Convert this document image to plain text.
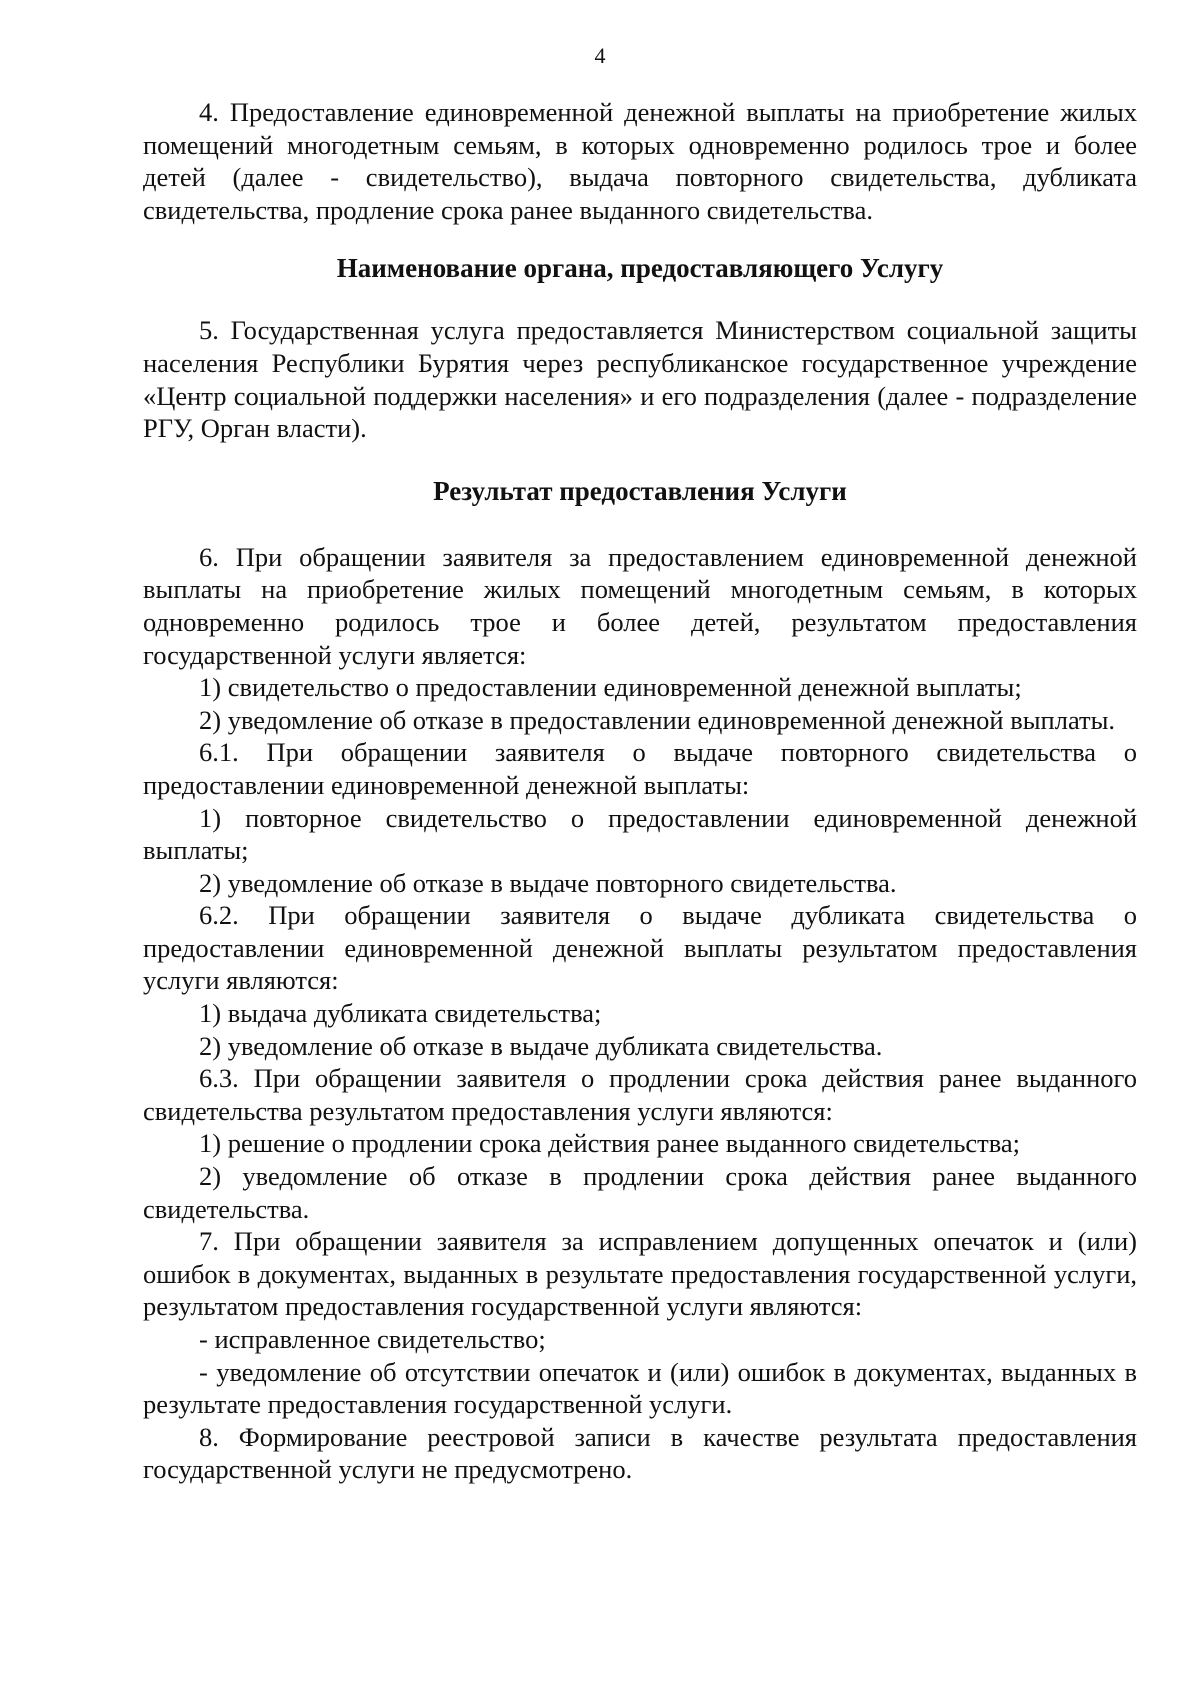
4

4. Предоставление единовременной денежной выплаты на приобретение жилых помещений многодетным семьям, в которых одновременно родилось трое и более детей (далее - свидетельство), выдача повторного свидетельства, дубликата свидетельства, продление срока ранее выданного свидетельства.

Наименование органа, предоставляющего Услугу

5. Государственная услуга предоставляется Министерством социальной защиты населения Республики Бурятия через республиканское государственное учреждение «Центр социальной поддержки населения» и его подразделения (далее - подразделение РГУ, Орган власти).

Результат предоставления Услуги

6. При обращении заявителя за предоставлением единовременной денежной выплаты на приобретение жилых помещений многодетным семьям, в которых одновременно родилось трое и более детей, результатом предоставления государственной услуги является:

1) свидетельство о предоставлении единовременной денежной выплаты;

2) уведомление об отказе в предоставлении единовременной денежной выплаты.

6.1. При обращении заявителя о выдаче повторного свидетельства о предоставлении единовременной денежной выплаты:

1) повторное свидетельство о предоставлении единовременной денежной выплаты;

2) уведомление об отказе в выдаче повторного свидетельства.

6.2. При обращении заявителя о выдаче дубликата свидетельства о предоставлении единовременной денежной выплаты результатом предоставления услуги являются:

1) выдача дубликата свидетельства;

2) уведомление об отказе в выдаче дубликата свидетельства.

6.3. При обращении заявителя о продлении срока действия ранее выданного свидетельства результатом предоставления услуги являются:

1) решение о продлении срока действия ранее выданного свидетельства;

2) уведомление об отказе в продлении срока действия ранее выданного свидетельства.

7. При обращении заявителя за исправлением допущенных опечаток и (или) ошибок в документах, выданных в результате предоставления государственной услуги, результатом предоставления государственной услуги являются:

- исправленное свидетельство;

- уведомление об отсутствии опечаток и (или) ошибок в документах, выданных в результате предоставления государственной услуги.

8. Формирование реестровой записи в качестве результата предоставления государственной услуги не предусмотрено.
